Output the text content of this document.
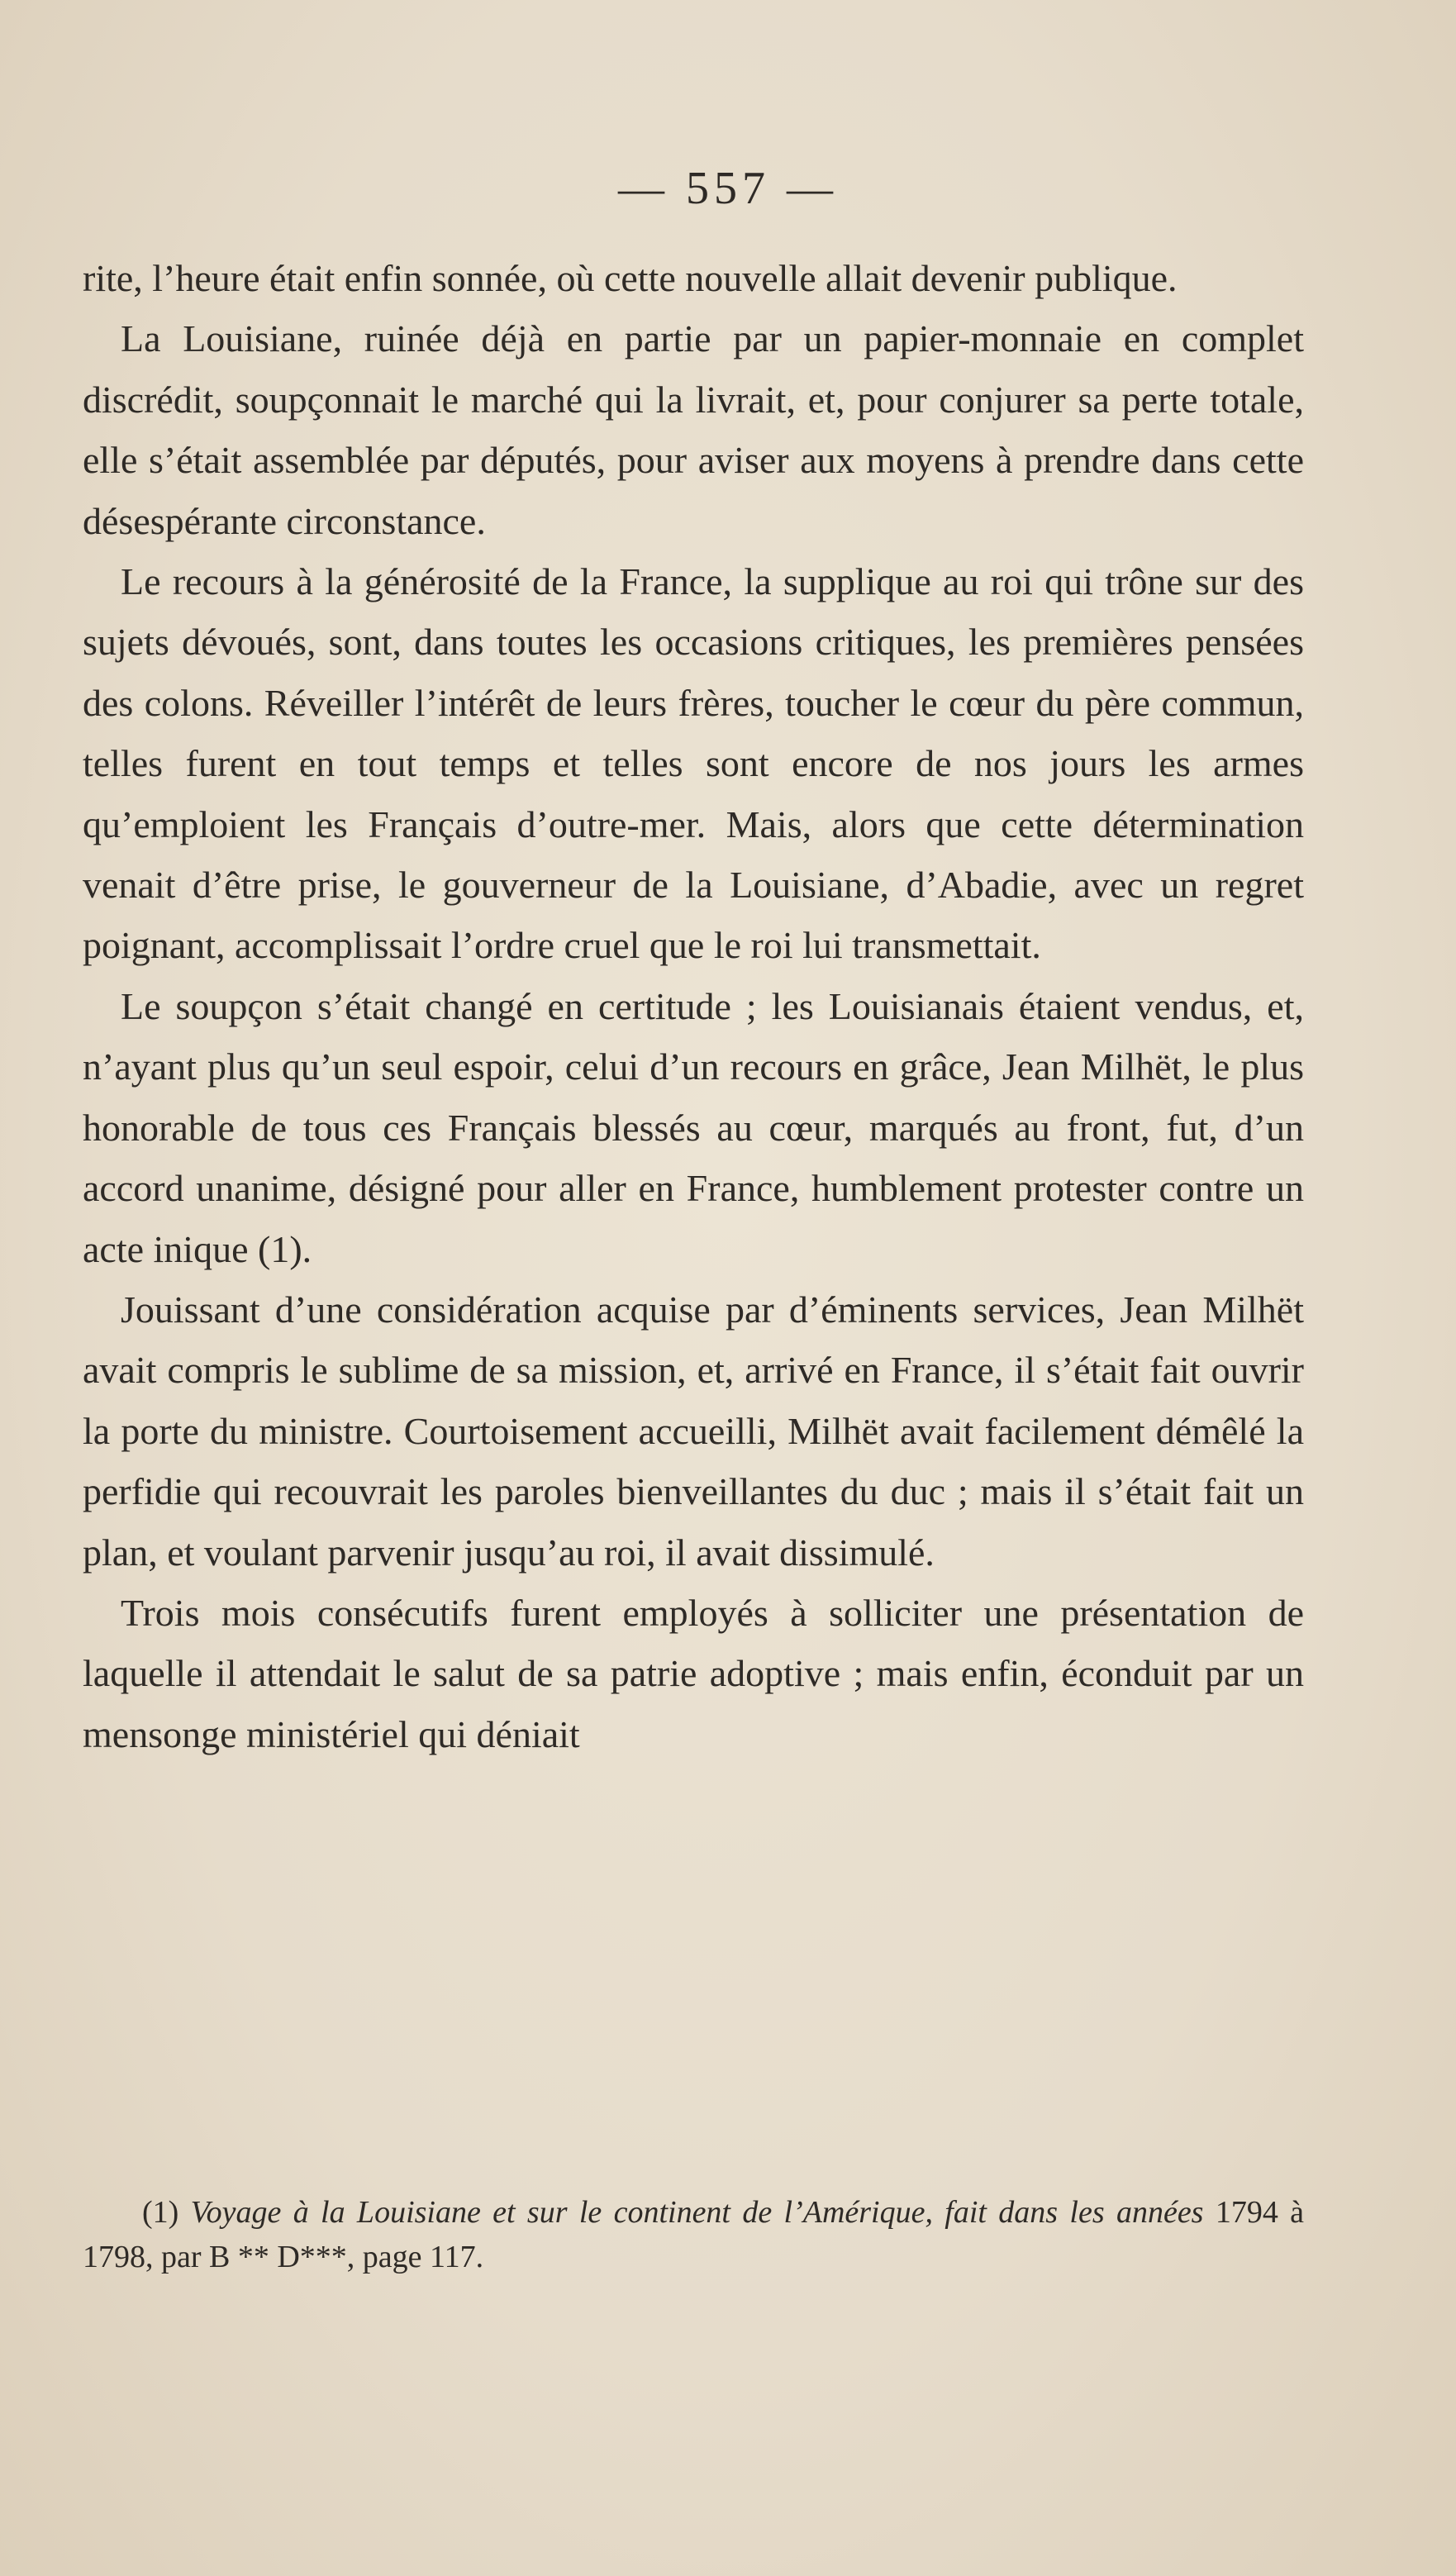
— 557 —

rite, l’heure était enfin sonnée, où cette nouvelle allait devenir publique.

La Louisiane, ruinée déjà en partie par un papier-monnaie en complet discrédit, soupçonnait le marché qui la livrait, et, pour conjurer sa perte totale, elle s’était assemblée par députés, pour aviser aux moyens à prendre dans cette désespérante circonstance.

Le recours à la générosité de la France, la supplique au roi qui trône sur des sujets dévoués, sont, dans toutes les occasions critiques, les premières pensées des colons. Réveiller l’intérêt de leurs frères, toucher le cœur du père commun, telles furent en tout temps et telles sont encore de nos jours les armes qu’emploient les Français d’outre-mer. Mais, alors que cette détermination venait d’être prise, le gouverneur de la Louisiane, d’Abadie, avec un regret poignant, accomplissait l’ordre cruel que le roi lui transmettait.

Le soupçon s’était changé en certitude ; les Louisianais étaient vendus, et, n’ayant plus qu’un seul espoir, celui d’un recours en grâce, Jean Milhët, le plus honorable de tous ces Français blessés au cœur, marqués au front, fut, d’un accord unanime, désigné pour aller en France, humblement protester contre un acte inique (1).

Jouissant d’une considération acquise par d’éminents services, Jean Milhët avait compris le sublime de sa mission, et, arrivé en France, il s’était fait ouvrir la porte du ministre. Courtoisement accueilli, Milhët avait facilement démêlé la perfidie qui recouvrait les paroles bienveillantes du duc ; mais il s’était fait un plan, et voulant parvenir jusqu’au roi, il avait dissimulé.

Trois mois consécutifs furent employés à solliciter une présentation de laquelle il attendait le salut de sa patrie adoptive ; mais enfin, éconduit par un mensonge ministériel qui déniait

(1) Voyage à la Louisiane et sur le continent de l’Amérique, fait dans les années 1794 à 1798, par B ** D***, page 117.
